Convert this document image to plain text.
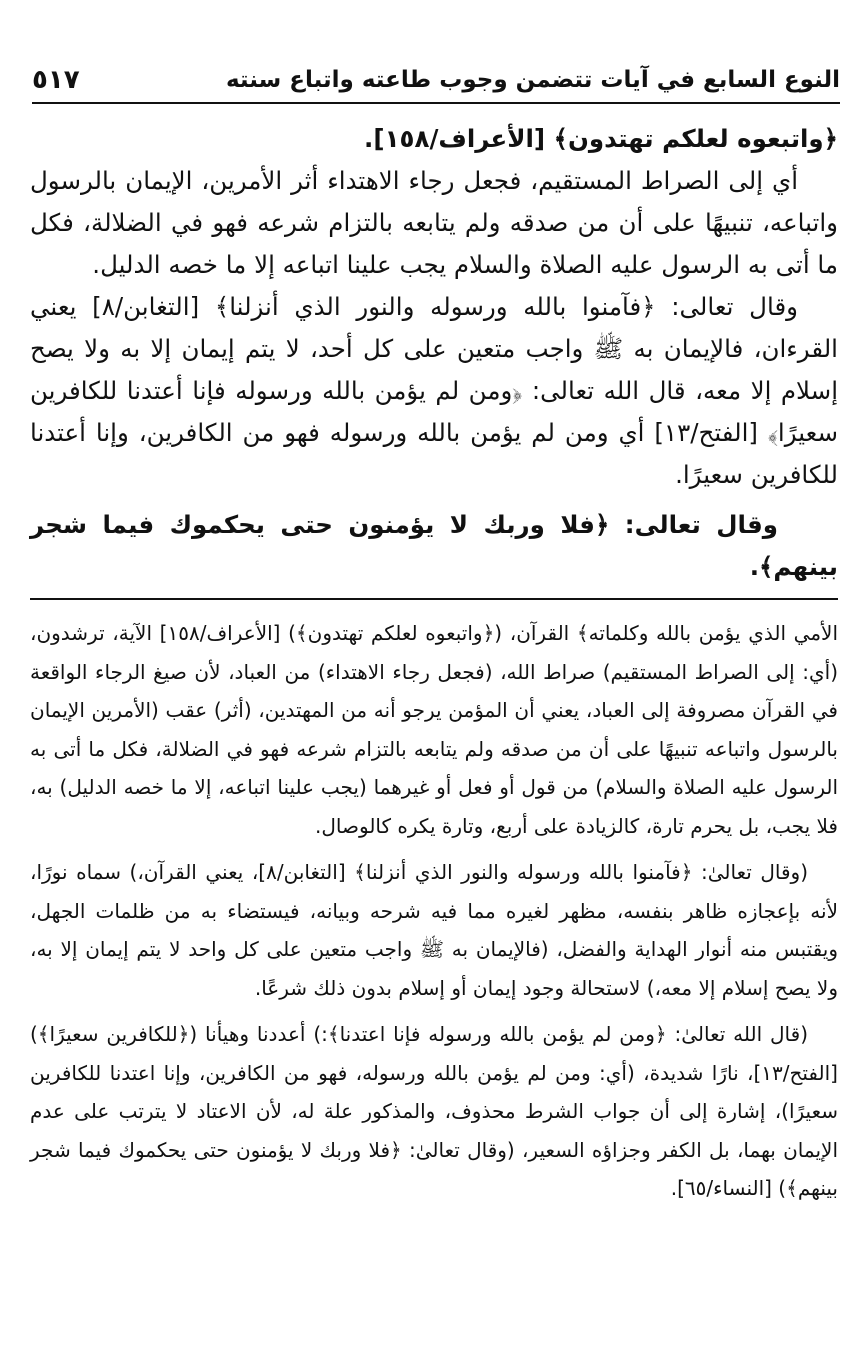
النوع السابع في آيات تتضمن وجوب طاعته واتباع سنته
٥١٧

﴿واتبعوه لعلكم تهتدون﴾ [الأعراف/١٥٨].

أي إلى الصراط المستقيم، فجعل رجاء الاهتداء أثر الأمرين، الإيمان بالرسول واتباعه، تنبيهًا على أن من صدقه ولم يتابعه بالتزام شرعه فهو في الضلالة، فكل ما أتى به الرسول عليه الصلاة والسلام يجب علينا اتباعه إلا ما خصه الدليل.

وقال تعالى: ﴿فآمنوا بالله ورسوله والنور الذي أنزلنا﴾ [التغابن/٨] يعني القرءان، فالإيمان به ﷺ واجب متعين على كل أحد، لا يتم إيمان إلا به ولا يصح إسلام إلا معه، قال الله تعالى: ﴿ومن لم يؤمن بالله ورسوله فإنا أعتدنا للكافرين سعيرًا﴾ [الفتح/١٣] أي ومن لم يؤمن بالله ورسوله فهو من الكافرين، وإنا أعتدنا للكافرين سعيرًا.

وقال تعالى: ﴿فلا وربك لا يؤمنون حتى يحكموك فيما شجر بينهم﴾.

الأمي الذي يؤمن بالله وكلماته﴾ القرآن، (﴿واتبعوه لعلكم تهتدون﴾) [الأعراف/١٥٨] الآية، ترشدون، (أي: إلى الصراط المستقيم) صراط الله، (فجعل رجاء الاهتداء) من العباد، لأن صيغ الرجاء الواقعة في القرآن مصروفة إلى العباد، يعني أن المؤمن يرجو أنه من المهتدين، (أثر) عقب (الأمرين الإيمان بالرسول واتباعه تنبيهًا على أن من صدقه ولم يتابعه بالتزام شرعه فهو في الضلالة، فكل ما أتى به الرسول عليه الصلاة والسلام) من قول أو فعل أو غيرهما (يجب علينا اتباعه، إلا ما خصه الدليل) به، فلا يجب، بل يحرم تارة، كالزيادة على أربع، وتارة يكره كالوصال.

(وقال تعالىٰ: ﴿فآمنوا بالله ورسوله والنور الذي أنزلنا﴾ [التغابن/٨]، يعني القرآن،) سماه نورًا، لأنه بإعجازه ظاهر بنفسه، مظهر لغيره مما فيه شرحه وبيانه، فيستضاء به من ظلمات الجهل، ويقتبس منه أنوار الهداية والفضل، (فالإيمان به ﷺ واجب متعين على كل واحد لا يتم إيمان إلا به، ولا يصح إسلام إلا معه،) لاستحالة وجود إيمان أو إسلام بدون ذلك شرعًا.

(قال الله تعالىٰ: ﴿ومن لم يؤمن بالله ورسوله فإنا اعتدنا﴾:) أعددنا وهيأنا (﴿للكافرين سعيرًا﴾) [الفتح/١٣]، نارًا شديدة، (أي: ومن لم يؤمن بالله ورسوله، فهو من الكافرين، وإنا اعتدنا للكافرين سعيرًا)، إشارة إلى أن جواب الشرط محذوف، والمذكور علة له، لأن الاعتاد لا يترتب على عدم الإيمان بهما، بل الكفر وجزاؤه السعير، (وقال تعالىٰ: ﴿فلا وربك لا يؤمنون حتى يحكموك فيما شجر بينهم﴾) [النساء/٦٥].
